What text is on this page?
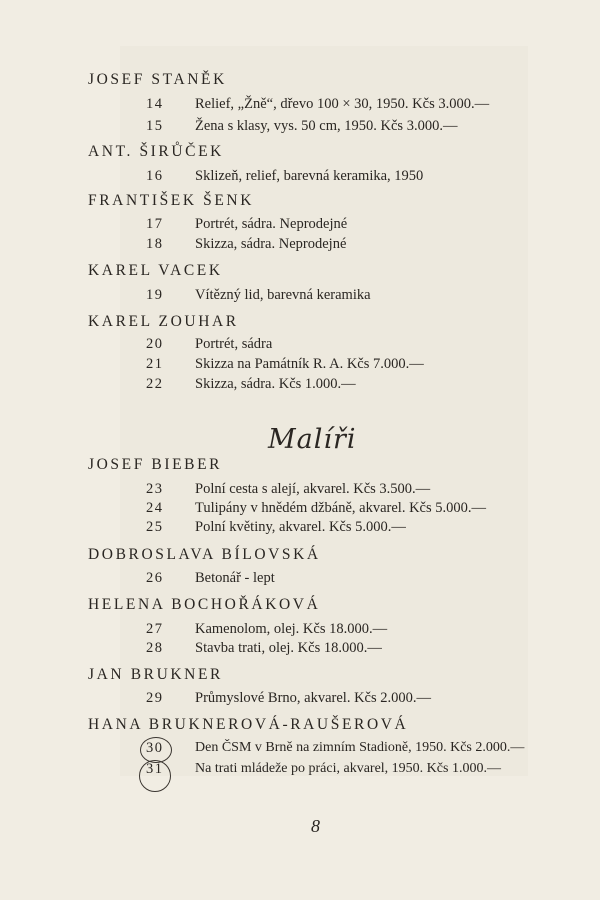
JOSEF STANĚK
14	Relief, „Žně“, dřevo 100 × 30, 1950. Kčs 3.000.—
15	Žena s klasy, vys. 50 cm, 1950. Kčs 3.000.—
ANT. ŠIRŮČEK
16	Sklizeň, relief, barevná keramika, 1950
FRANTIŠEK ŠENK
17	Portrét, sádra. Neprodejné
18	Skizza, sádra. Neprodejné
KAREL VACEK
19	Vítězný lid, barevná keramika
KAREL ZOUHAR
20	Portrét, sádra
21	Skizza na Památník R. A. Kčs 7.000.—
22	Skizza, sádra. Kčs 1.000.—
Malíři
JOSEF BIEBER
23	Polní cesta s alejí, akvarel. Kčs 3.500.—
24	Tulipány v hnědém džbáně, akvarel. Kčs 5.000.—
25	Polní květiny, akvarel. Kčs 5.000.—
DOBROSLAVA BÍLOVSKÁ
26	Betonář - lept
HELENA BOCHOŘÁKOVÁ
27	Kamenolom, olej. Kčs 18.000.—
28	Stavba trati, olej. Kčs 18.000.—
JAN BRUKNER
29	Průmyslové Brno, akvarel. Kčs 2.000.—
HANA BRUKNEROVÁ-RAUŠEROVÁ
30	Den ČSM v Brně na zimním Stadioně, 1950. Kčs 2.000.—
31	Na trati mládeže po práci, akvarel, 1950. Kčs 1.000.—
8
